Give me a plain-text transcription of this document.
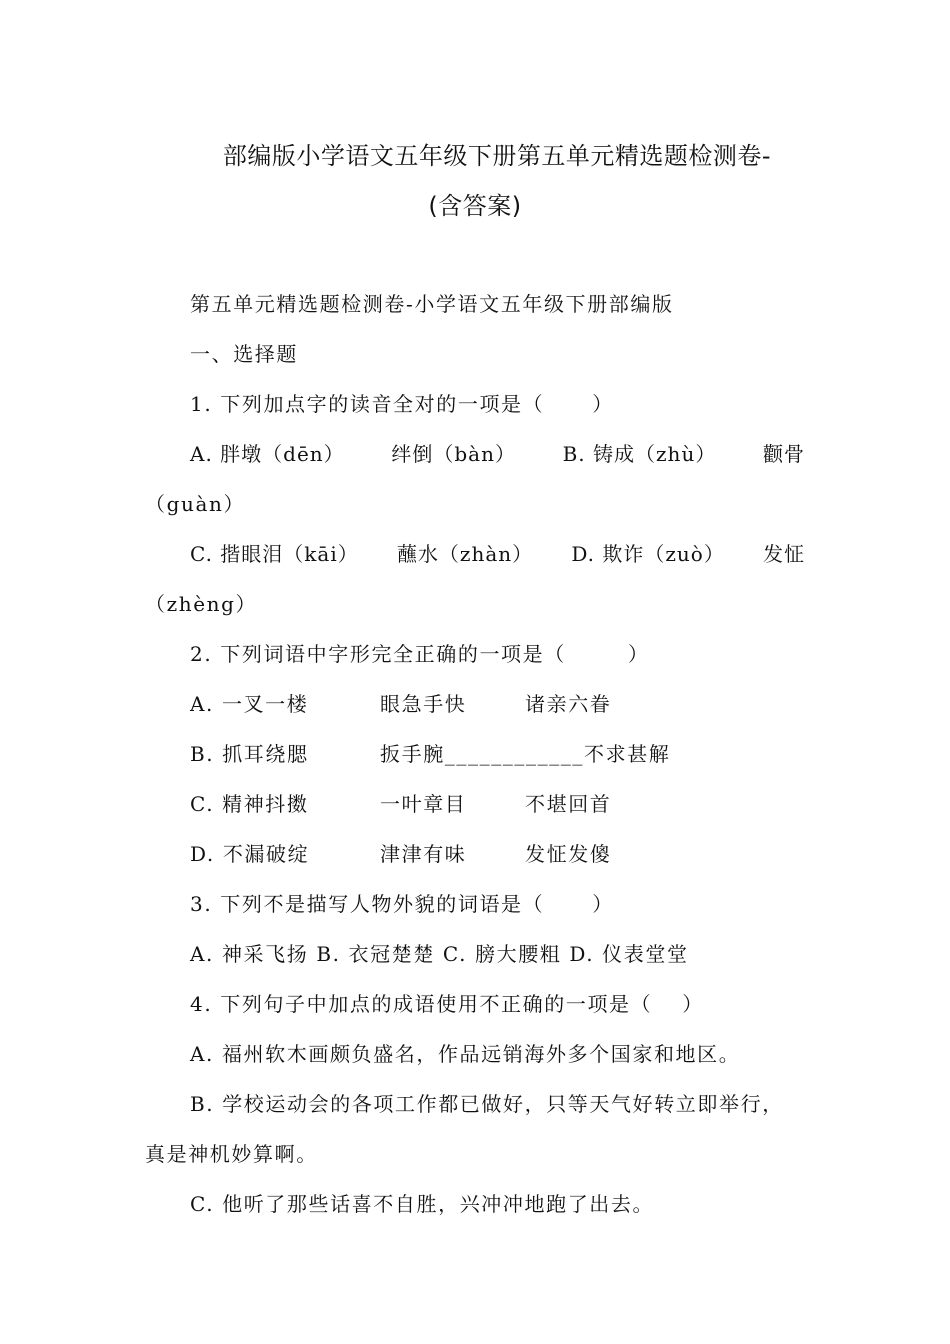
部编版小学语文五年级下册第五单元精选题检测卷-
(含答案)
第五单元精选题检测卷-小学语文五年级下册部编版
一、选择题
1. 下列加点字的读音全对的一项是（ ）
A. 胖墩（dēn） 绊倒（bàn） B. 铸成（zhù） 颧骨
（guàn）
C. 揩眼泪（kāi） 蘸水（zhàn） D. 欺诈（zuò） 发怔
（zhèng）
2. 下列词语中字形完全正确的一项是（	）
A. 一叉一楼	眼急手快	诸亲六眷
B. 抓耳绕腮	扳手腕____________不求甚解
C. 精神抖擞	一叶章目	不堪回首
D. 不漏破绽	津津有味	发怔发傻
3. 下列不是描写人物外貌的词语是（ ）
A. 神采飞扬 B. 衣冠楚楚 C. 膀大腰粗 D. 仪表堂堂
4. 下列句子中加点的成语使用不正确的一项是（ ）
A. 福州软木画颇负盛名，作品远销海外多个国家和地区。
B. 学校运动会的各项工作都已做好，只等天气好转立即举行，
真是神机妙算啊。
C. 他听了那些话喜不自胜，兴冲冲地跑了出去。
